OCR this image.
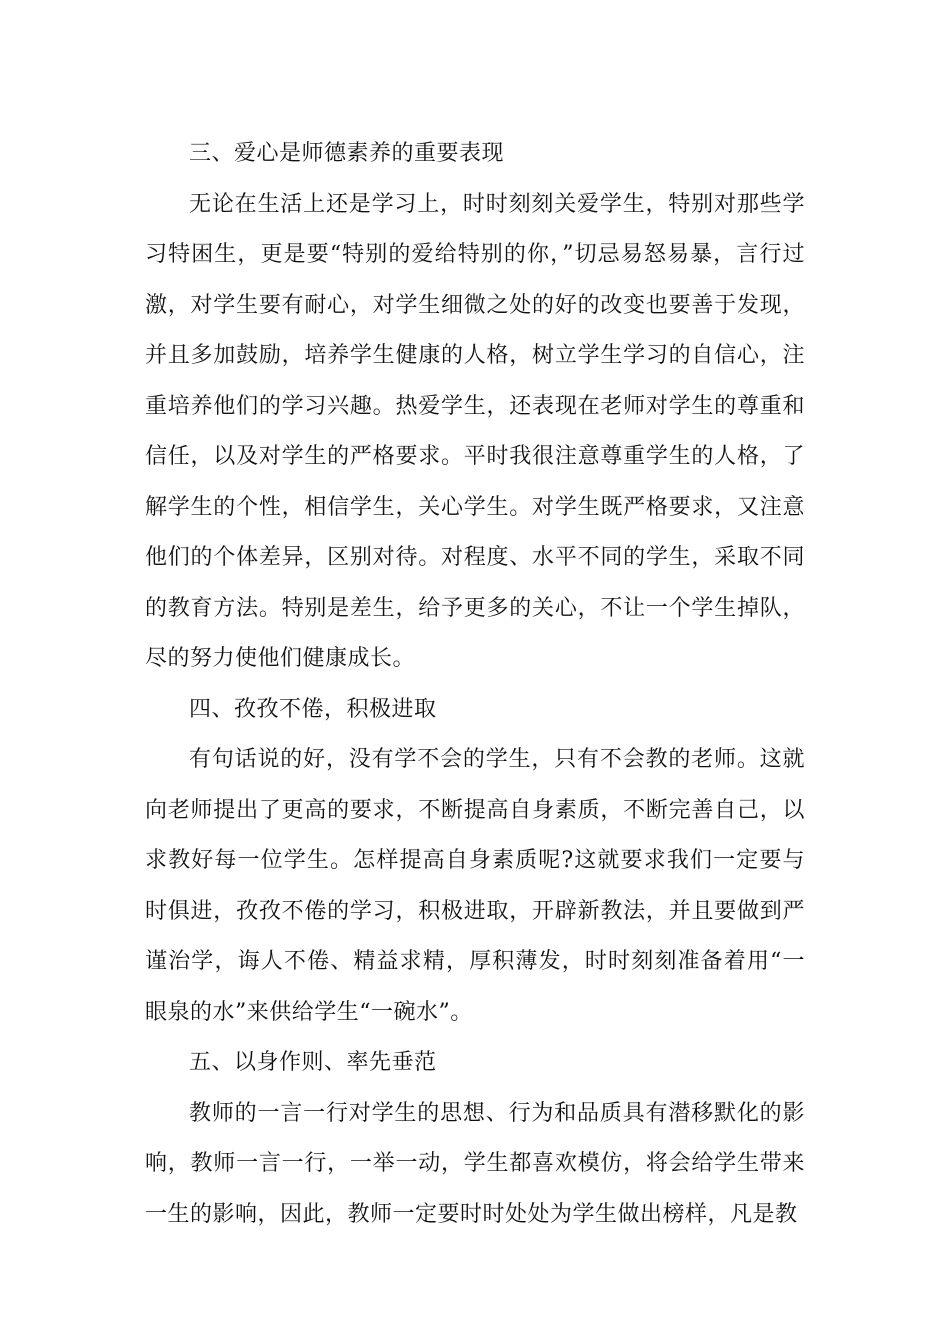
三、爱心是师德素养的重要表现

无论在生活上还是学习上，时时刻刻关爱学生，特别对那些学习特困生，更是要“特别的爱给特别的你，”切忌易怒易暴，言行过激，对学生要有耐心，对学生细微之处的好的改变也要善于发现，并且多加鼓励，培养学生健康的人格，树立学生学习的自信心，注重培养他们的学习兴趣。热爱学生，还表现在老师对学生的尊重和信任，以及对学生的严格要求。平时我很注意尊重学生的人格，了解学生的个性，相信学生，关心学生。对学生既严格要求，又注意他们的个体差异，区别对待。对程度、水平不同的学生，采取不同的教育方法。特别是差生，给予更多的关心，不让一个学生掉队，尽的努力使他们健康成长。

四、孜孜不倦，积极进取

有句话说的好，没有学不会的学生，只有不会教的老师。这就向老师提出了更高的要求，不断提高自身素质，不断完善自己，以求教好每一位学生。怎样提高自身素质呢?这就要求我们一定要与时俱进，孜孜不倦的学习，积极进取，开辟新教法，并且要做到严谨治学，诲人不倦、精益求精，厚积薄发，时时刻刻准备着用“一眼泉的水”来供给学生“一碗水”。

五、以身作则、率先垂范

教师的一言一行对学生的思想、行为和品质具有潜移默化的影响，教师一言一行，一举一动，学生都喜欢模仿，将会给学生带来一生的影响，因此，教师一定要时时处处为学生做出榜样，凡是教
